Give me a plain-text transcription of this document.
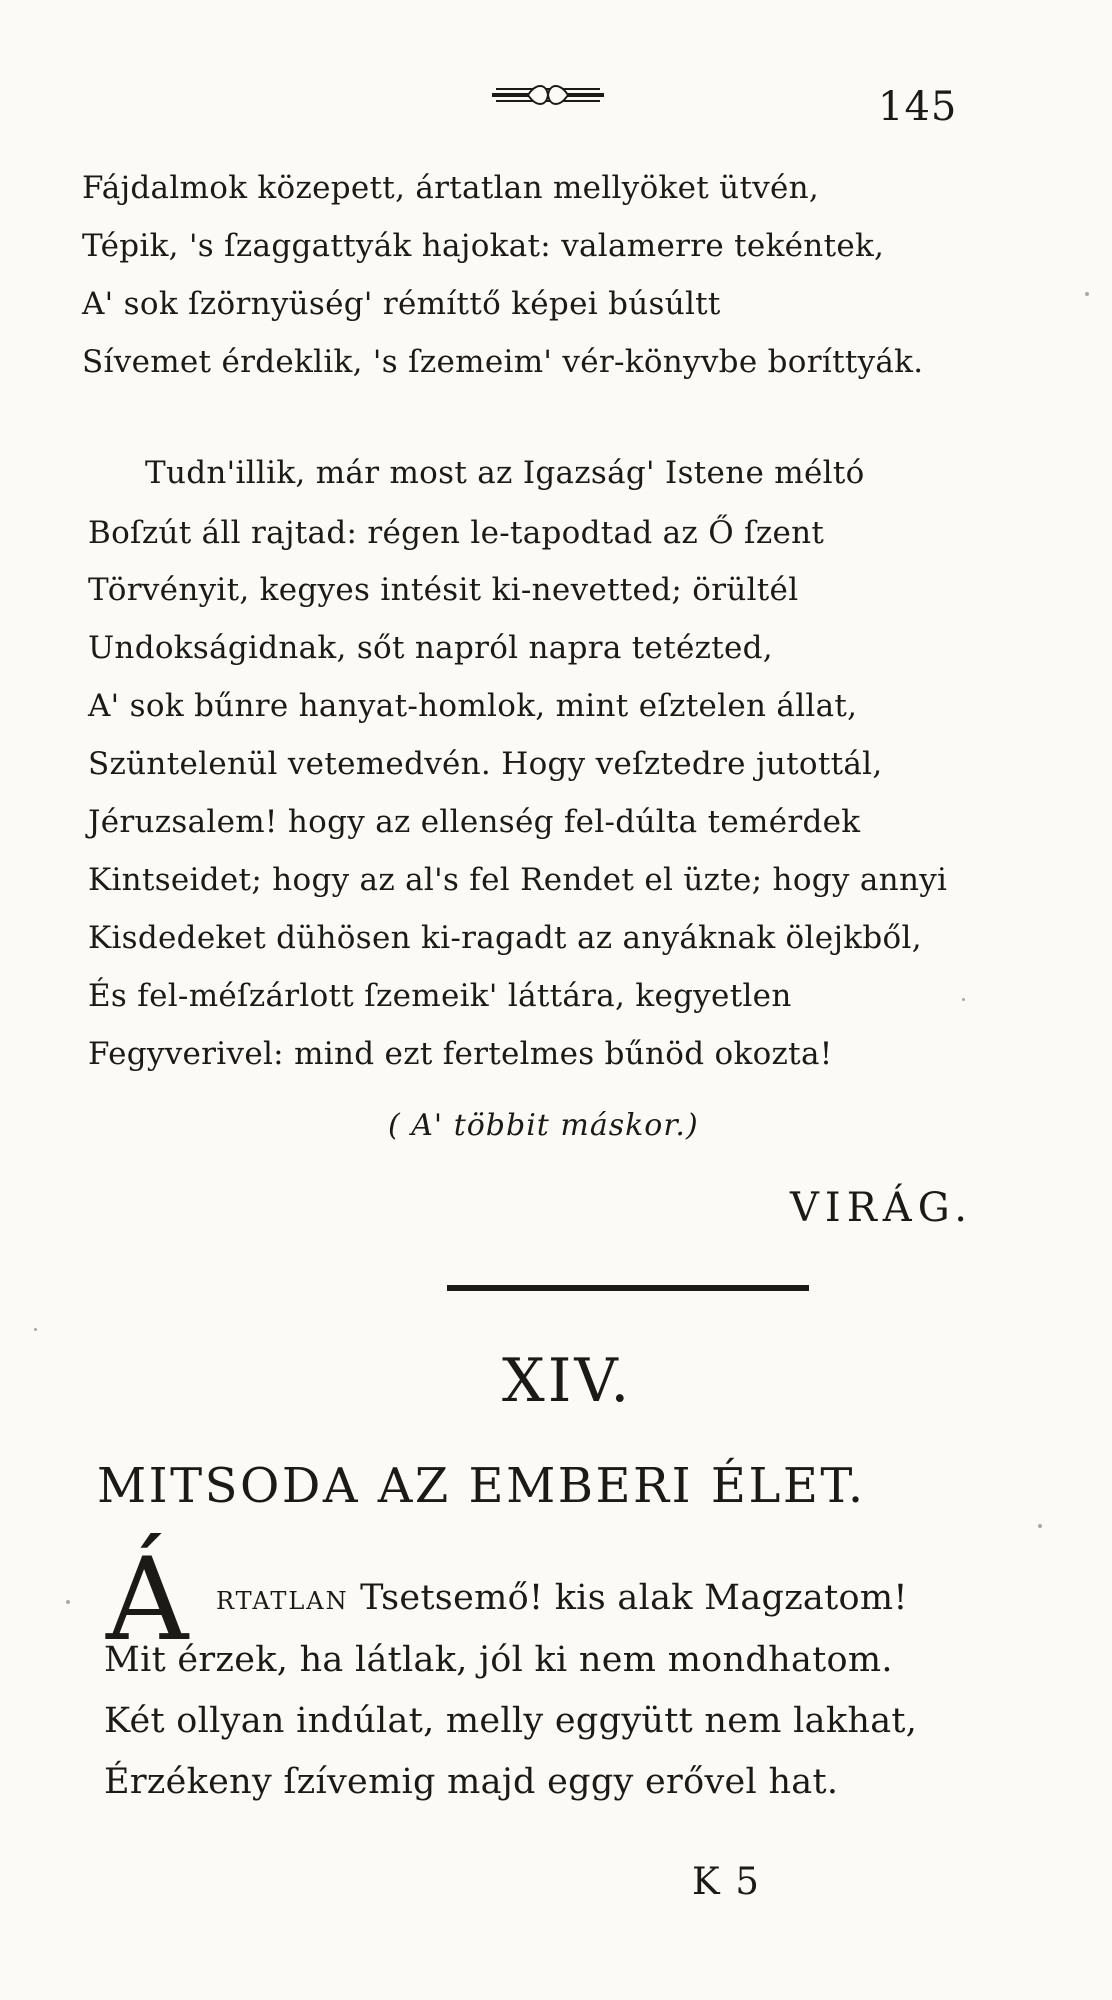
145
Fájdalmok közepett, ártatlan mellyöket ütvén,
Tépik, 's ſzaggattyák hajokat: valamerre tekéntek,
A' sok ſzörnyüség' rémíttő képei búsúltt
Sívemet érdeklik, 's ſzemeim' vér-könyvbe boríttyák.
Tudn'illik, már most az Igazság' Istene méltó
Boſzút áll rajtad: régen le-tapodtad az Ő ſzent
Törvényit, kegyes intésit ki-nevetted; örültél
Undokságidnak, sőt napról napra tetézted,
A' sok bűnre hanyat-homlok, mint eſztelen állat,
Szüntelenül vetemedvén. Hogy veſztedre jutottál,
Jéruzsalem! hogy az ellenség fel-dúlta temérdek
Kintseidet; hogy az al's fel Rendet el üzte; hogy annyi
Kisdedeket dühösen ki-ragadt az anyáknak ölejkből,
És fel-méſzárlott ſzemeik' láttára, kegyetlen
Fegyverivel: mind ezt fertelmes bűnöd okozta!
( A' többit máskor.)
VIRÁG.
XIV.
MITSODA AZ EMBERI ÉLET.
Á RTATLAN Tsetsemő! kis alak Magzatom!
Mit érzek, ha látlak, jól ki nem mondhatom.
Két ollyan indúlat, melly eggyütt nem lakhat,
Érzékeny ſzívemig majd eggy erővel hat.
K 5
